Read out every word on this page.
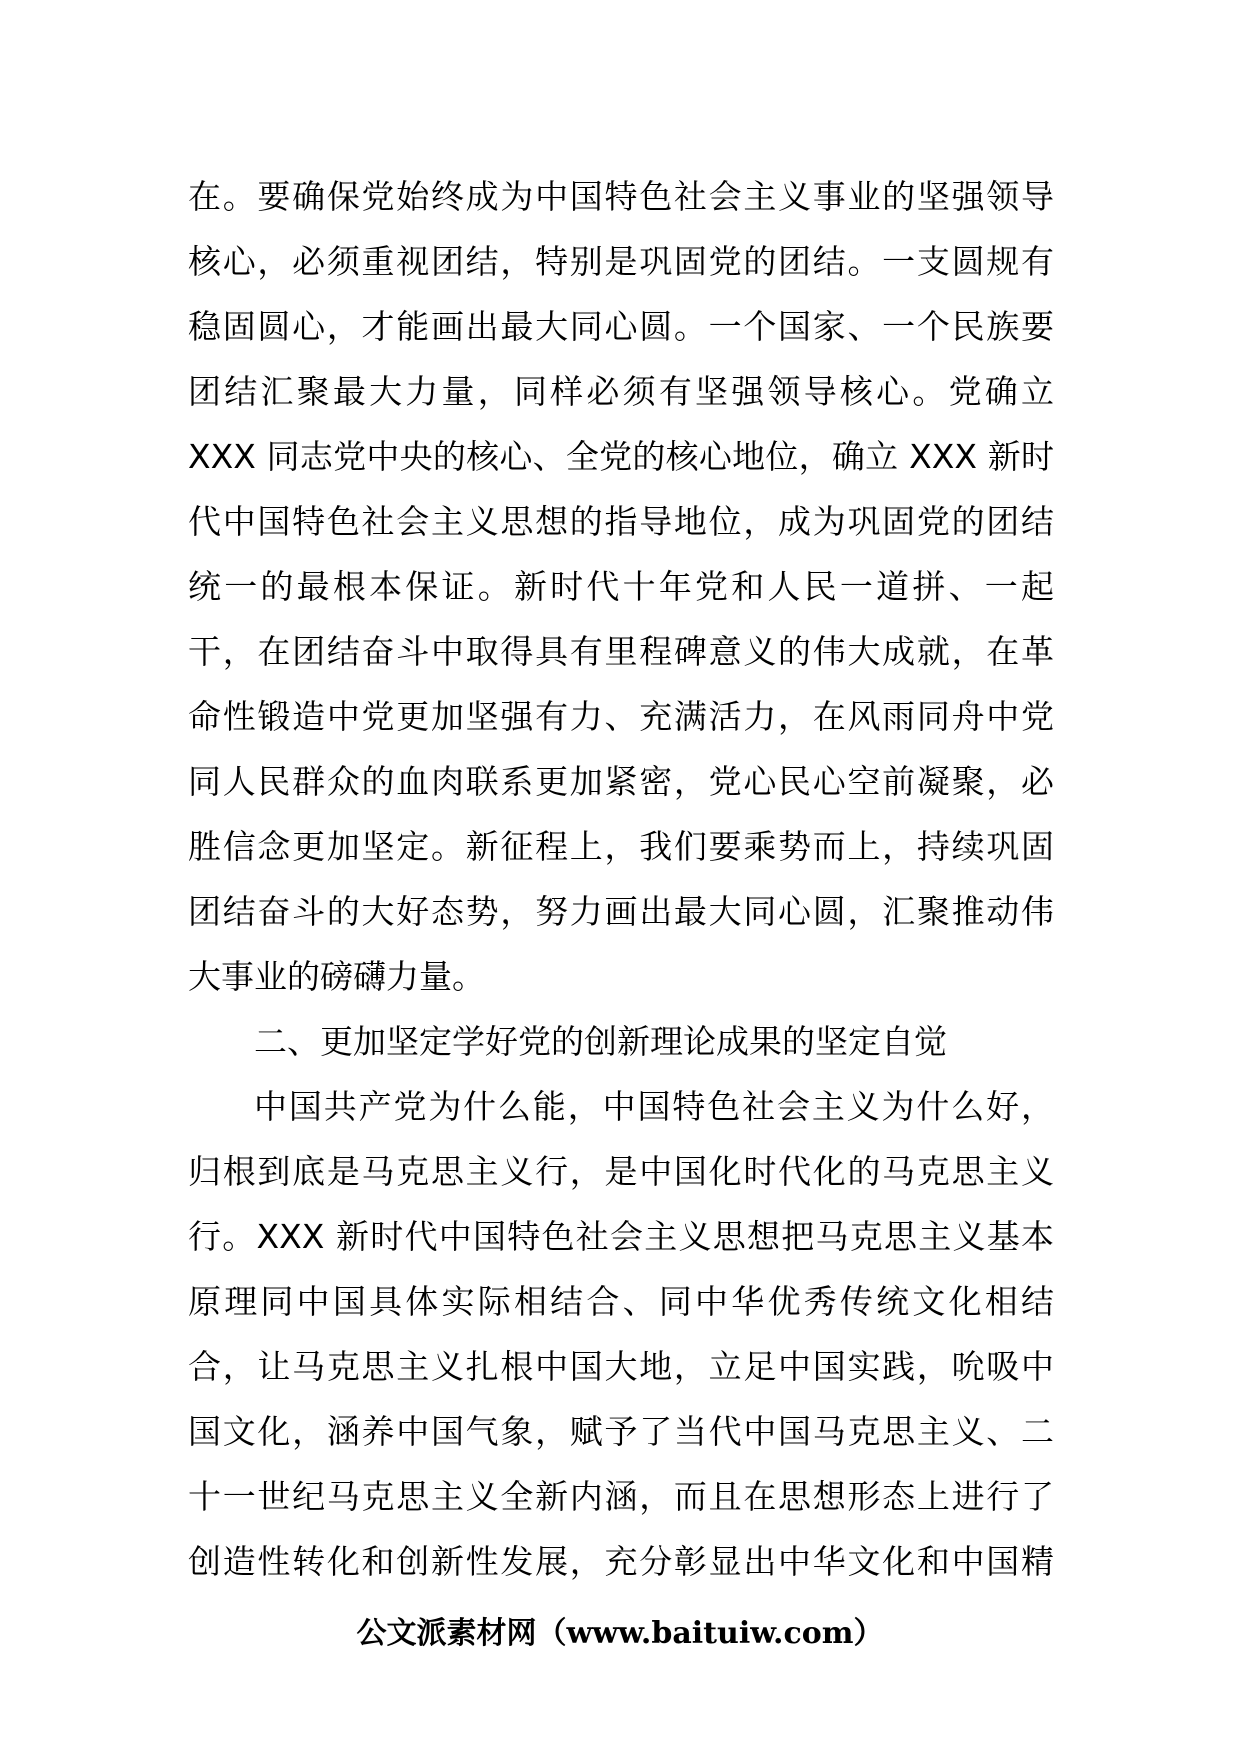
在。要确保党始终成为中国特色社会主义事业的坚强领导
核心，必须重视团结，特别是巩固党的团结。一支圆规有
稳固圆心，才能画出最大同心圆。一个国家、一个民族要
团结汇聚最大力量，同样必须有坚强领导核心。党确立
XXX 同志党中央的核心、全党的核心地位，确立 XXX 新时
代中国特色社会主义思想的指导地位，成为巩固党的团结
统一的最根本保证。新时代十年党和人民一道拼、一起
干，在团结奋斗中取得具有里程碑意义的伟大成就，在革
命性锻造中党更加坚强有力、充满活力，在风雨同舟中党
同人民群众的血肉联系更加紧密，党心民心空前凝聚，必
胜信念更加坚定。新征程上，我们要乘势而上，持续巩固
团结奋斗的大好态势，努力画出最大同心圆，汇聚推动伟
大事业的磅礴力量。
二、更加坚定学好党的创新理论成果的坚定自觉
中国共产党为什么能，中国特色社会主义为什么好，
归根到底是马克思主义行，是中国化时代化的马克思主义
行。XXX 新时代中国特色社会主义思想把马克思主义基本
原理同中国具体实际相结合、同中华优秀传统文化相结
合，让马克思主义扎根中国大地，立足中国实践，吮吸中
国文化，涵养中国气象，赋予了当代中国马克思主义、二
十一世纪马克思主义全新内涵，而且在思想形态上进行了
创造性转化和创新性发展，充分彰显出中华文化和中国精
公文派素材网（www.baituiw.com）
